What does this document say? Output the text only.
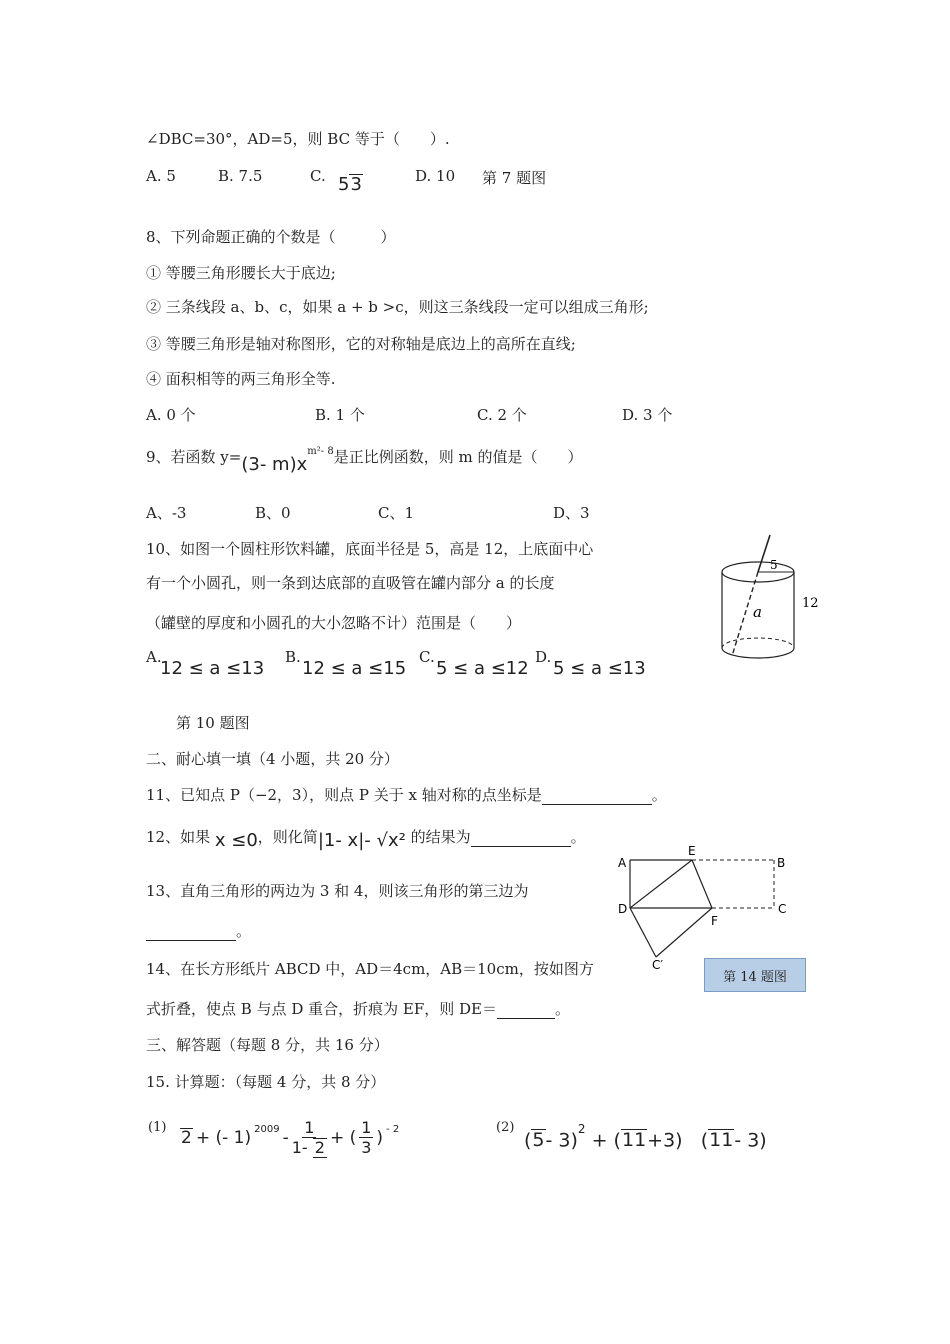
∠DBC=30°，AD=5，则 BC 等于（　　）.
A. 5	B. 7.5	C. 53	D. 10 第 7 题图
8、下列命题正确的个数是（　　　）
① 等腰三角形腰长大于底边;
② 三条线段 a、b、c，如果 a + b >c，则这三条线段一定可以组成三角形;
③ 等腰三角形是轴对称图形，它的对称轴是底边上的高所在直线;
④ 面积相等的两三角形全等.
A. 0 个	B. 1 个	C. 2 个	D. 3 个
9、若函数 y=(3- $m)x^{m^2- 8}$是正比例函数，则 m 的值是（　　）
A、-3	B、0	C、1	D、3
10、如图一个圆柱形饮料罐，底面半径是 5，高是 12，上底面中心
有一个小圆孔，则一条到达底部的直吸管在罐内部分 a 的长度
（罐壁的厚度和小圆孔的大小忽略不计）范围是（　　）
A.
12 ≤ a ≤13
B.
12 ≤ a ≤15
C.
5 ≤ a ≤12
D.
5 ≤ a ≤13
第 10 题图
5
a	12
二、耐心填一填（4 小题，共 20 分）
11、已知点 P（−2，3），则点 P 关于 x 轴对称的点坐标是	。
12、如果 x ≤0，则化简|1- x|- √x² 的结果为	。
13、直角三角形的两边为 3 和 4，则该三角形的第三边为
。
14、在长方形纸片 ABCD 中，AD＝4cm，AB＝10cm，按如图方
式折叠，使点 B 与点 D 重合，折痕为 EF，则 DE＝	。
A
E
B
D
F
C
C′
第 14 题图
三、解答题（每题 8 分，共 16 分）
15. 计算题：（每题 4 分，共 8 分）
(1)
2 + (- 1) $^{2009} - \frac{1}{1- 2}$ + ( $\frac{1}{3}$ ) $^{- 2}$	(2)
(5- 3)$^2$ + (11+3)   (11- 3)
